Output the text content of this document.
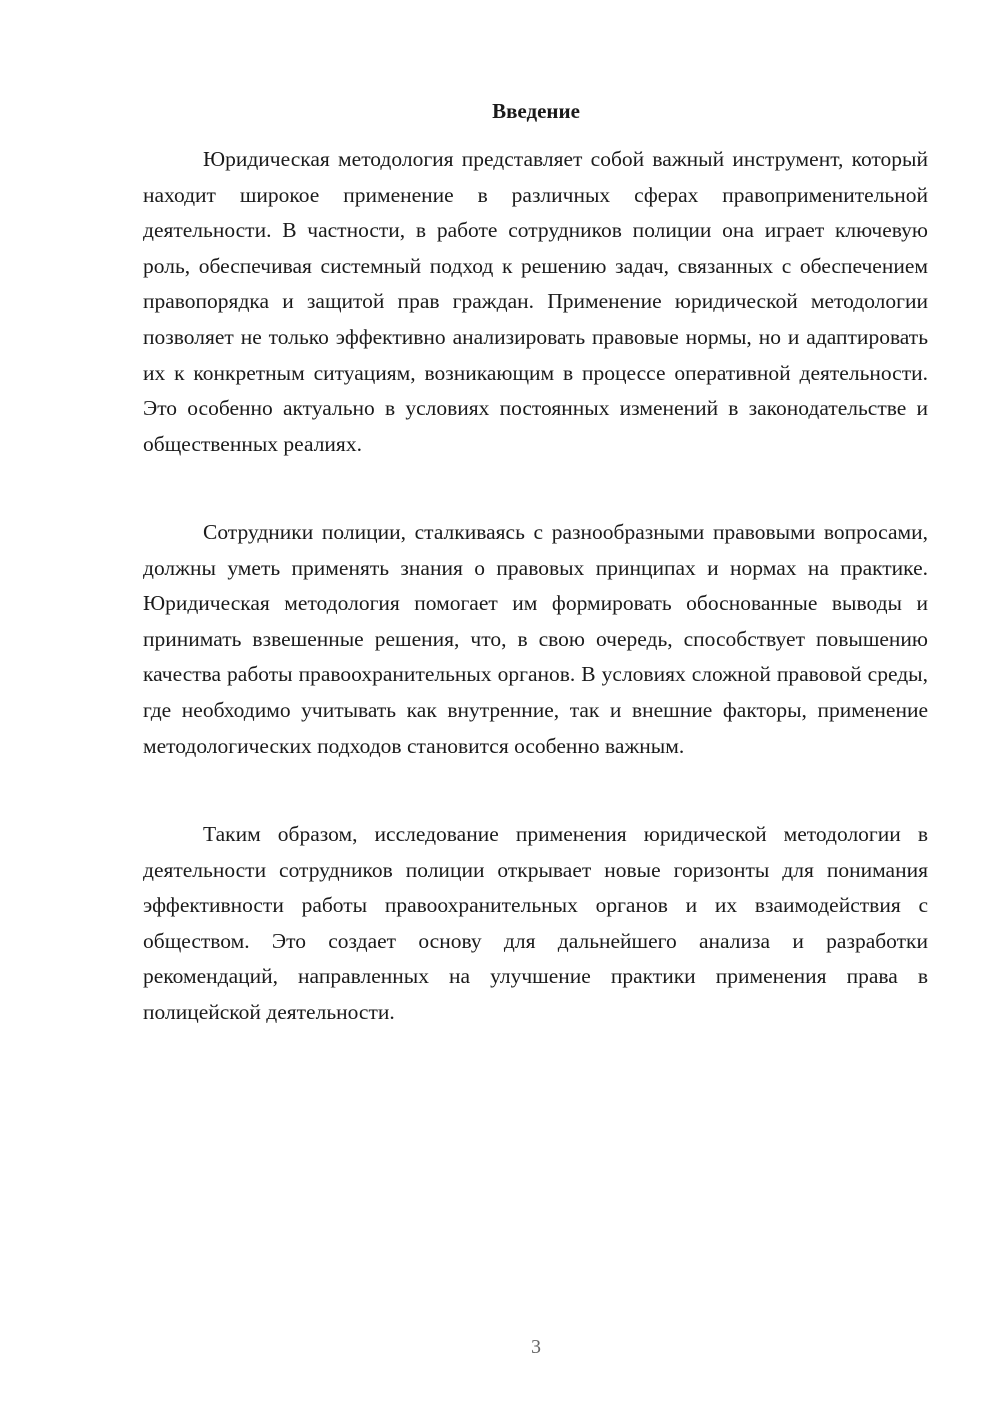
Введение

Юридическая методология представляет собой важный инструмент, который находит широкое применение в различных сферах правоприменительной деятельности. В частности, в работе сотрудников полиции она играет ключевую роль, обеспечивая системный подход к решению задач, связанных с обеспечением правопорядка и защитой прав граждан. Применение юридической методологии позволяет не только эффективно анализировать правовые нормы, но и адаптировать их к конкретным ситуациям, возникающим в процессе оперативной деятельности. Это особенно актуально в условиях постоянных изменений в законодательстве и общественных реалиях.

Сотрудники полиции, сталкиваясь с разнообразными правовыми вопросами, должны уметь применять знания о правовых принципах и нормах на практике. Юридическая методология помогает им формировать обоснованные выводы и принимать взвешенные решения, что, в свою очередь, способствует повышению качества работы правоохранительных органов. В условиях сложной правовой среды, где необходимо учитывать как внутренние, так и внешние факторы, применение методологических подходов становится особенно важным.

Таким образом, исследование применения юридической методологии в деятельности сотрудников полиции открывает новые горизонты для понимания эффективности работы правоохранительных органов и их взаимодействия с обществом. Это создает основу для дальнейшего анализа и разработки рекомендаций, направленных на улучшение практики применения права в полицейской деятельности.

3
